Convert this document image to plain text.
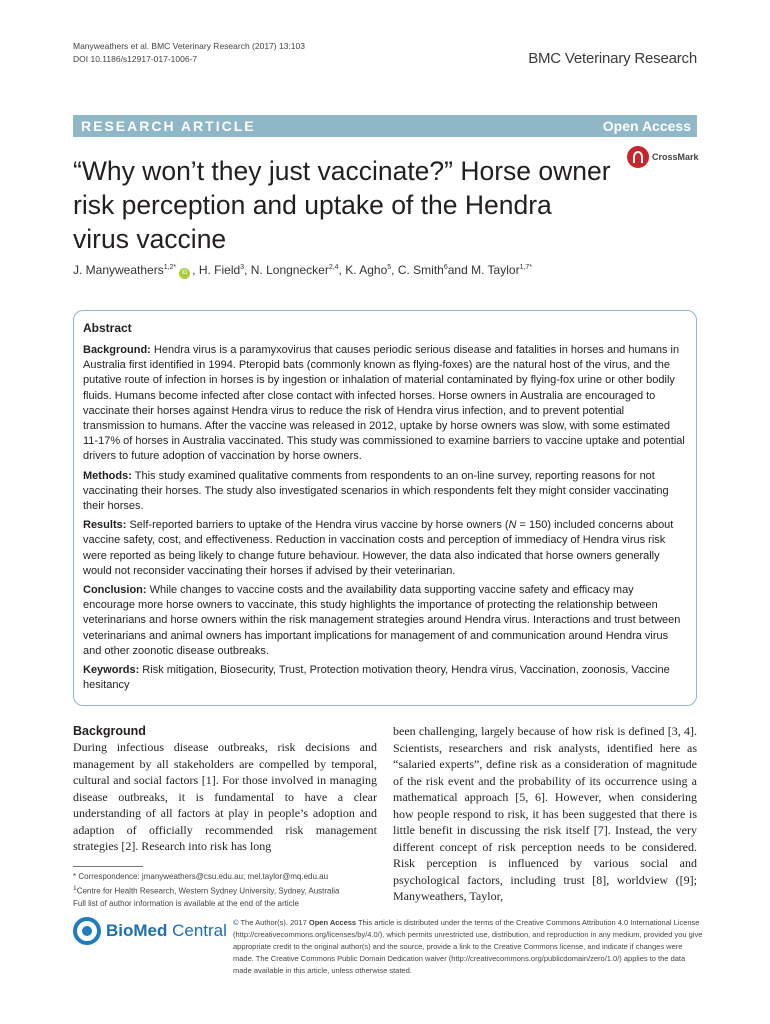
Manyweathers et al. BMC Veterinary Research (2017) 13:103
DOI 10.1186/s12917-017-1006-7	BMC Veterinary Research
RESEARCH ARTICLE	Open Access
CrossMark
“Why won’t they just vaccinate?” Horse owner risk perception and uptake of the Hendra virus vaccine
J. Manyweathers$^{1,2*}$
iD , H. Field$^3$ , N. Longnecker$^{2,4}$ , K. Agho$^5$ , C. Smith$^6$ and M. Taylor$^{1,7*}$
Abstract

Background: Hendra virus is a paramyxovirus that causes periodic serious disease and fatalities in horses and humans in Australia first identified in 1994. Pteropid bats (commonly known as flying-foxes) are the natural host of the virus, and the putative route of infection in horses is by ingestion or inhalation of material contaminated by flying-fox urine or other bodily fluids. Humans become infected after close contact with infected horses. Horse owners in Australia are encouraged to vaccinate their horses against Hendra virus to reduce the risk of Hendra virus infection, and to prevent potential transmission to humans. After the vaccine was released in 2012, uptake by horse owners was slow, with some estimated 11-17% of horses in Australia vaccinated. This study was commissioned to examine barriers to vaccine uptake and potential drivers to future adoption of vaccination by horse owners.

Methods: This study examined qualitative comments from respondents to an on-line survey, reporting reasons for not vaccinating their horses. The study also investigated scenarios in which respondents felt they might consider vaccinating their horses.

Results: Self-reported barriers to uptake of the Hendra virus vaccine by horse owners (N = 150) included concerns about vaccine safety, cost, and effectiveness. Reduction in vaccination costs and perception of immediacy of Hendra virus risk were reported as being likely to change future behaviour. However, the data also indicated that horse owners generally would not reconsider vaccinating their horses if advised by their veterinarian.

Conclusion: While changes to vaccine costs and the availability data supporting vaccine safety and efficacy may encourage more horse owners to vaccinate, this study highlights the importance of protecting the relationship between veterinarians and horse owners within the risk management strategies around Hendra virus. Interactions and trust between veterinarians and animal owners has important implications for management of and communication around Hendra virus and other zoonotic disease outbreaks.

Keywords: Risk mitigation, Biosecurity, Trust, Protection motivation theory, Hendra virus, Vaccination, zoonosis, Vaccine hesitancy

Background

During infectious disease outbreaks, risk decisions and management by all stakeholders are compelled by temporal, cultural and social factors [1]. For those involved in managing disease outbreaks, it is fundamental to have a clear understanding of all factors at play in people’s adoption and adaption of officially recommended risk management strategies [2]. Research into risk has long

been challenging, largely because of how risk is defined [3, 4]. Scientists, researchers and risk analysts, identified here as “salaried experts”, define risk as a consideration of magnitude of the risk event and the probability of its occurrence using a mathematical approach [5, 6]. However, when considering how people respond to risk, it has been suggested that there is little benefit in discussing the risk itself [7]. Instead, the very different concept of risk perception needs to be considered. Risk perception is influenced by various social and psychological factors, including trust [8], worldview ([9]; Manyweathers, Taylor,

* Correspondence: jmanyweathers@csu.edu.au; mel.taylor@mq.edu.au
$^1$Centre for Health Research, Western Sydney University, Sydney, Australia
Full list of author information is available at the end of the article
BioMed Central © The Author(s). 2017 Open Access This article is distributed under the terms of the Creative Commons Attribution 4.0 International License (http://creativecommons.org/licenses/by/4.0/), which permits unrestricted use, distribution, and reproduction in any medium, provided you give appropriate credit to the original author(s) and the source, provide a link to the Creative Commons license, and indicate if changes were made. The Creative Commons Public Domain Dedication waiver (http://creativecommons.org/publicdomain/zero/1.0/) applies to the data made available in this article, unless otherwise stated.
